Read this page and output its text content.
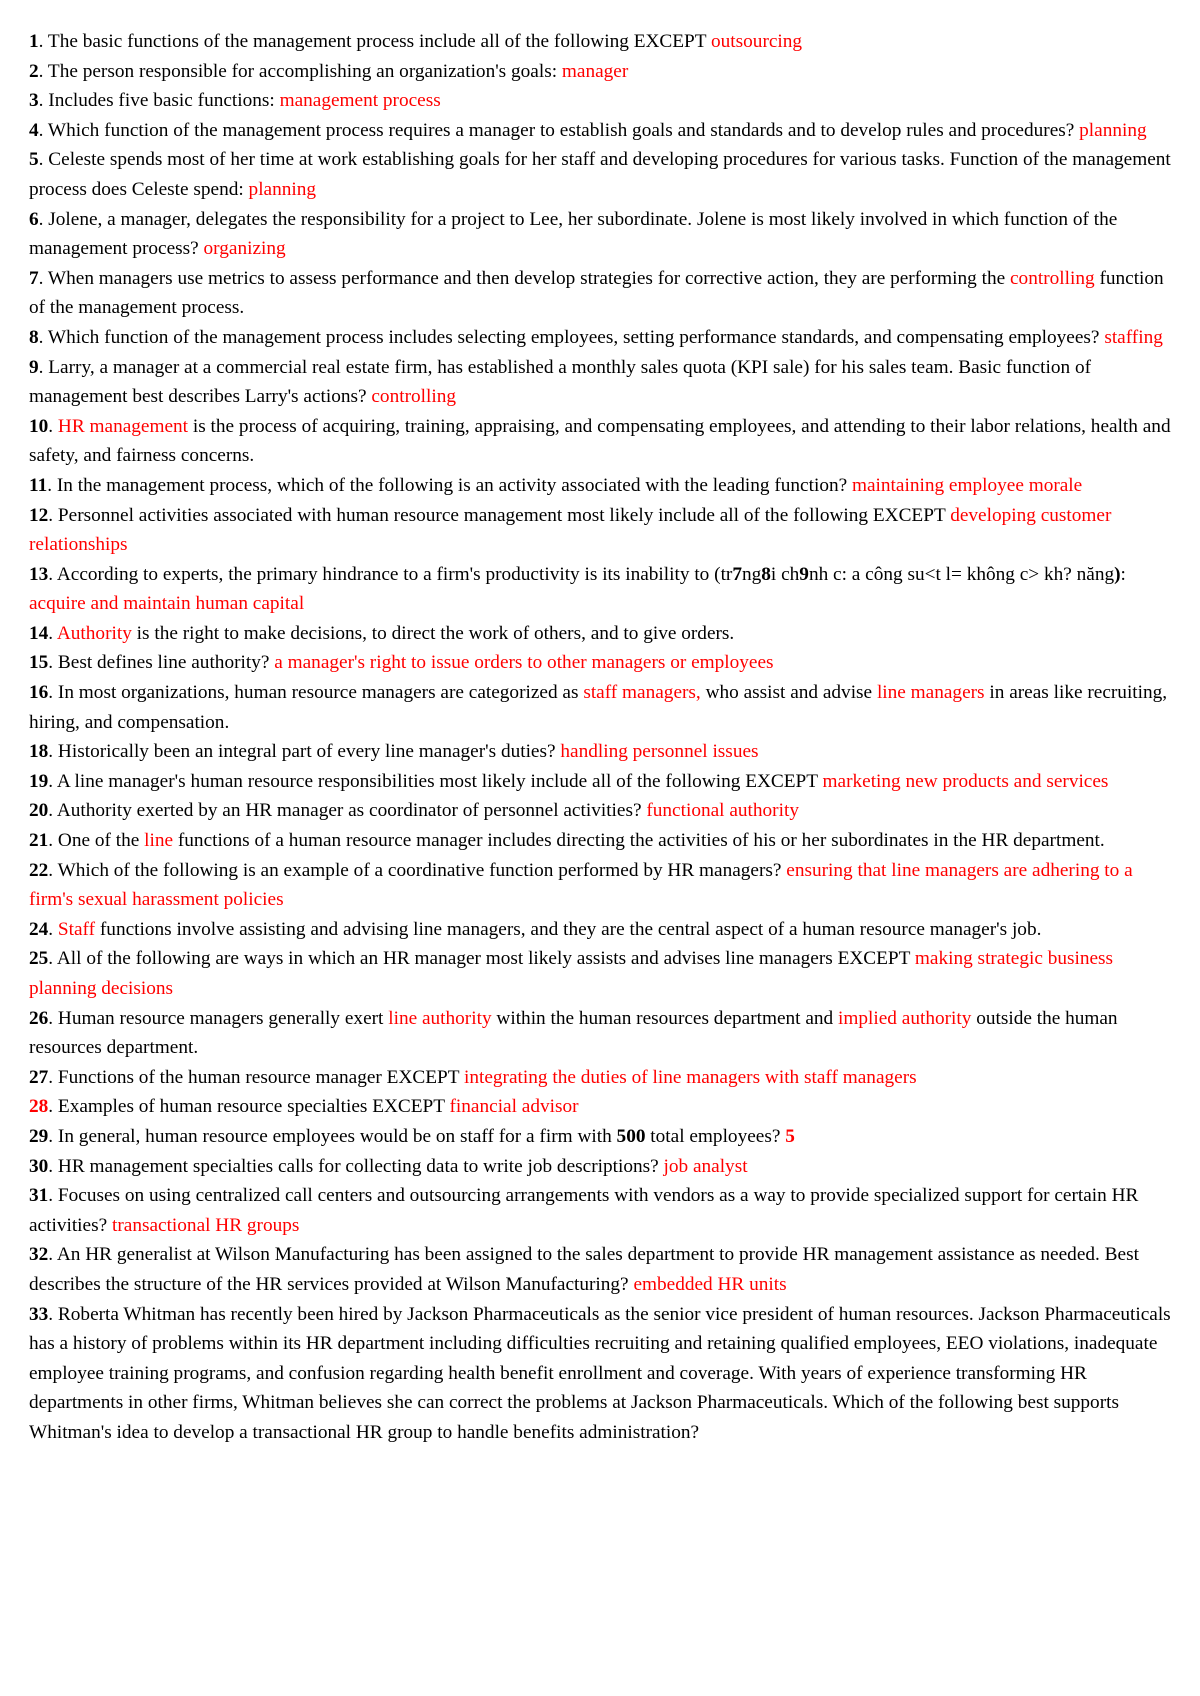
1. The basic functions of the management process include all of the following EXCEPT outsourcing

2. The person responsible for accomplishing an organization's goals: manager

3. Includes five basic functions: management process

4. Which function of the management process requires a manager to establish goals and standards and to develop rules and procedures? planning

5. Celeste spends most of her time at work establishing goals for her staff and developing procedures for various tasks. Function of the management process does Celeste spend: planning

6. Jolene, a manager, delegates the responsibility for a project to Lee, her subordinate. Jolene is most likely involved in which function of the management process? organizing

7. When managers use metrics to assess performance and then develop strategies for corrective action, they are performing the controlling function of the management process.

8. Which function of the management process includes selecting employees, setting performance standards, and compensating employees? staffing

9. Larry, a manager at a commercial real estate firm, has established a monthly sales quota (KPI sale) for his sales team. Basic function of management best describes Larry's actions? controlling

10. HR management is the process of acquiring, training, appraising, and compensating employees, and attending to their labor relations, health and safety, and fairness concerns.

11. In the management process, which of the following is an activity associated with the leading function? maintaining employee morale

12. Personnel activities associated with human resource management most likely include all of the following EXCEPT developing customer relationships

13. According to experts, the primary hindrance to a firm's productivity is its inability to (tr7ng8i ch9nh c: a công su<t l= không c> kh? năng): acquire and maintain human capital

14. Authority is the right to make decisions, to direct the work of others, and to give orders.

15. Best defines line authority? a manager's right to issue orders to other managers or employees

16. In most organizations, human resource managers are categorized as staff managers, who assist and advise line managers in areas like recruiting, hiring, and compensation.

18. Historically been an integral part of every line manager's duties? handling personnel issues

19. A line manager's human resource responsibilities most likely include all of the following EXCEPT marketing new products and services

20. Authority exerted by an HR manager as coordinator of personnel activities? functional authority

21. One of the line functions of a human resource manager includes directing the activities of his or her subordinates in the HR department.

22. Which of the following is an example of a coordinative function performed by HR managers? ensuring that line managers are adhering to a firm's sexual harassment policies

24. Staff functions involve assisting and advising line managers, and they are the central aspect of a human resource manager's job.

25. All of the following are ways in which an HR manager most likely assists and advises line managers EXCEPT making strategic business planning decisions

26. Human resource managers generally exert line authority within the human resources department and implied authority outside the human resources department.

27. Functions of the human resource manager EXCEPT integrating the duties of line managers with staff managers

28. Examples of human resource specialties EXCEPT financial advisor

29. In general, human resource employees would be on staff for a firm with 500 total employees? 5

30. HR management specialties calls for collecting data to write job descriptions? job analyst

31. Focuses on using centralized call centers and outsourcing arrangements with vendors as a way to provide specialized support for certain HR activities? transactional HR groups

32. An HR generalist at Wilson Manufacturing has been assigned to the sales department to provide HR management assistance as needed. Best describes the structure of the HR services provided at Wilson Manufacturing? embedded HR units

33. Roberta Whitman has recently been hired by Jackson Pharmaceuticals as the senior vice president of human resources. Jackson Pharmaceuticals has a history of problems within its HR department including difficulties recruiting and retaining qualified employees, EEO violations, inadequate employee training programs, and confusion regarding health benefit enrollment and coverage. With years of experience transforming HR departments in other firms, Whitman believes she can correct the problems at Jackson Pharmaceuticals. Which of the following best supports Whitman's idea to develop a transactional HR group to handle benefits administration?
